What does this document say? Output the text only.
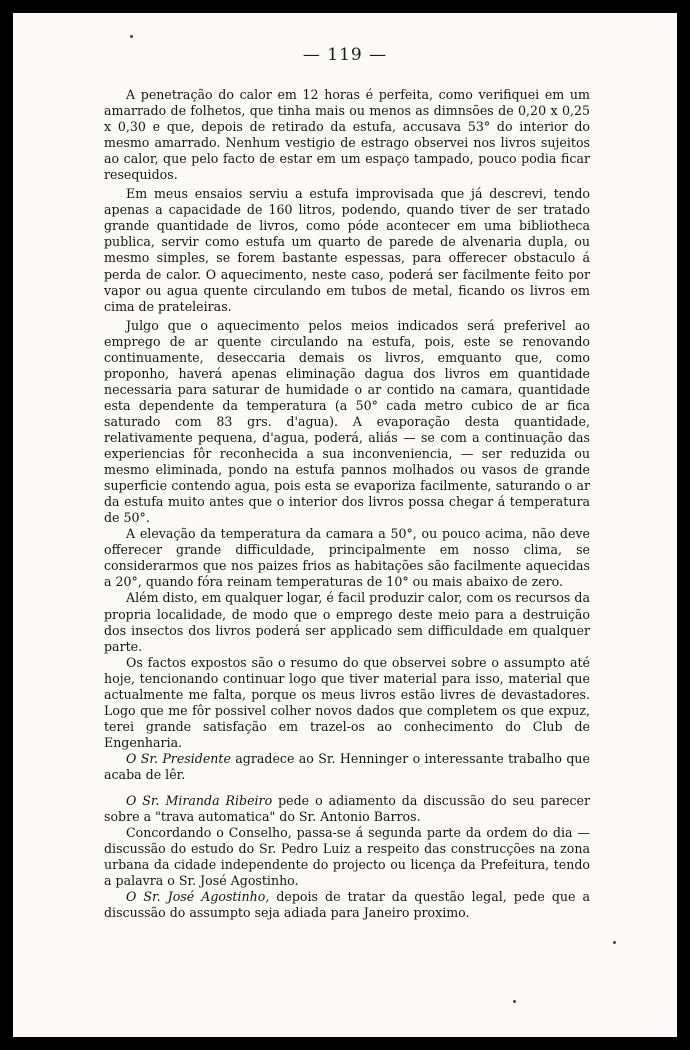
— 119 —

A penetração do calor em 12 horas é perfeita, como verifiquei em um amarrado de folhetos, que tinha mais ou menos as dimnsões de 0,20 x 0,25 x 0,30 e que, depois de retirado da estufa, accusava 53° do interior do mesmo amarrado. Nenhum vestigio de estrago observei nos livros sujeitos ao calor, que pelo facto de estar em um espaço tampado, pouco podia ficar resequidos.

Em meus ensaios serviu a estufa improvisada que já descrevi, tendo apenas a capacidade de 160 litros, podendo, quando tiver de ser tratado grande quantidade de livros, como póde acontecer em uma bibliotheca publica, servir como estufa um quarto de parede de alvenaria dupla, ou mesmo simples, se forem bastante espessas, para offerecer obstaculo á perda de calor. O aquecimento, neste caso, poderá ser facilmente feito por vapor ou agua quente circulando em tubos de metal, ficando os livros em cima de prateleiras.

Julgo que o aquecimento pelos meios indicados será preferivel ao emprego de ar quente circulando na estufa, pois, este se renovando continuamente, deseccaria demais os livros, emquanto que, como proponho, haverá apenas eliminação dagua dos livros em quantidade necessaria para saturar de humidade o ar contido na camara, quantidade esta dependente da temperatura (a 50° cada metro cubico de ar fica saturado com 83 grs. d'agua). A evaporação desta quantidade, relativamente pequena, d'agua, poderá, aliás — se com a continuação das experiencias fôr reconhecida a sua inconveniencia, — ser reduzida ou mesmo eliminada, pondo na estufa pannos molhados ou vasos de grande superficie contendo agua, pois esta se evaporiza facilmente, saturando o ar da estufa muito antes que o interior dos livros possa chegar á temperatura de 50°.

A elevação da temperatura da camara a 50°, ou pouco acima, não deve offerecer grande difficuldade, principalmente em nosso clima, se considerarmos que nos paizes frios as habitações são facilmente aquecidas a 20°, quando fóra reinam temperaturas de 10° ou mais abaixo de zero.

Além disto, em qualquer logar, é facil produzir calor, com os recursos da propria localidade, de modo que o emprego deste meio para a destruição dos insectos dos livros poderá ser applicado sem difficuldade em qualquer parte.

Os factos expostos são o resumo do que observei sobre o assumpto até hoje, tencionando continuar logo que tiver material para isso, material que actualmente me falta, porque os meus livros estão livres de devastadores. Logo que me fôr possivel colher novos dados que completem os que expuz, terei grande satisfação em trazel-os ao conhecimento do Club de Engenharia.

O Sr. Presidente agradece ao Sr. Henninger o interessante trabalho que acaba de lêr.

O Sr. Miranda Ribeiro pede o adiamento da discussão do seu parecer sobre a "trava automatica" do Sr. Antonio Barros.

Concordando o Conselho, passa-se á segunda parte da ordem do dia — discussão do estudo do Sr. Pedro Luiz a respeito das construcções na zona urbana da cidade independente do projecto ou licença da Prefeitura, tendo a palavra o Sr. José Agostinho.

O Sr. José Agostinho, depois de tratar da questão legal, pede que a discussão do assumpto seja adiada para Janeiro proximo.
